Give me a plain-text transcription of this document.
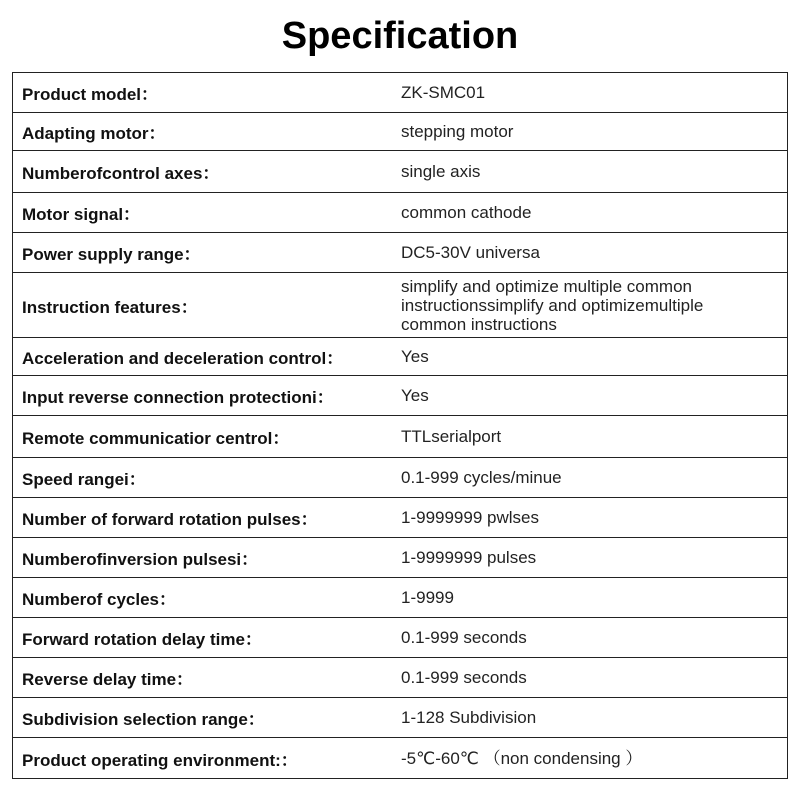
Specification
Product model：	ZK-SMC01
Adapting motor：	stepping motor
Numberofcontrol axes：	single axis
Motor signal：	common cathode
Power supply range：	DC5-30V universa
Instruction features：
simplify and optimize multiple common instructionssimplify and optimizemultiple common instructions
Acceleration and deceleration control：	Yes
Input reverse connection protectioni：	Yes
Remote communicatior centrol：	TTLserialport
Speed rangei：	0.1-999 cycles/minue
Number of forward rotation pulses：	1-9999999 pwlses
Numberofinversion pulsesi：	1-9999999 pulses
Numberof cycles：	1-9999
Forward rotation delay time：	0.1-999 seconds
Reverse delay time：	0.1-999 seconds
Subdivision selection range：	1-128 Subdivision
Product operating environment:：	-5℃-60℃ （non condensing ）
